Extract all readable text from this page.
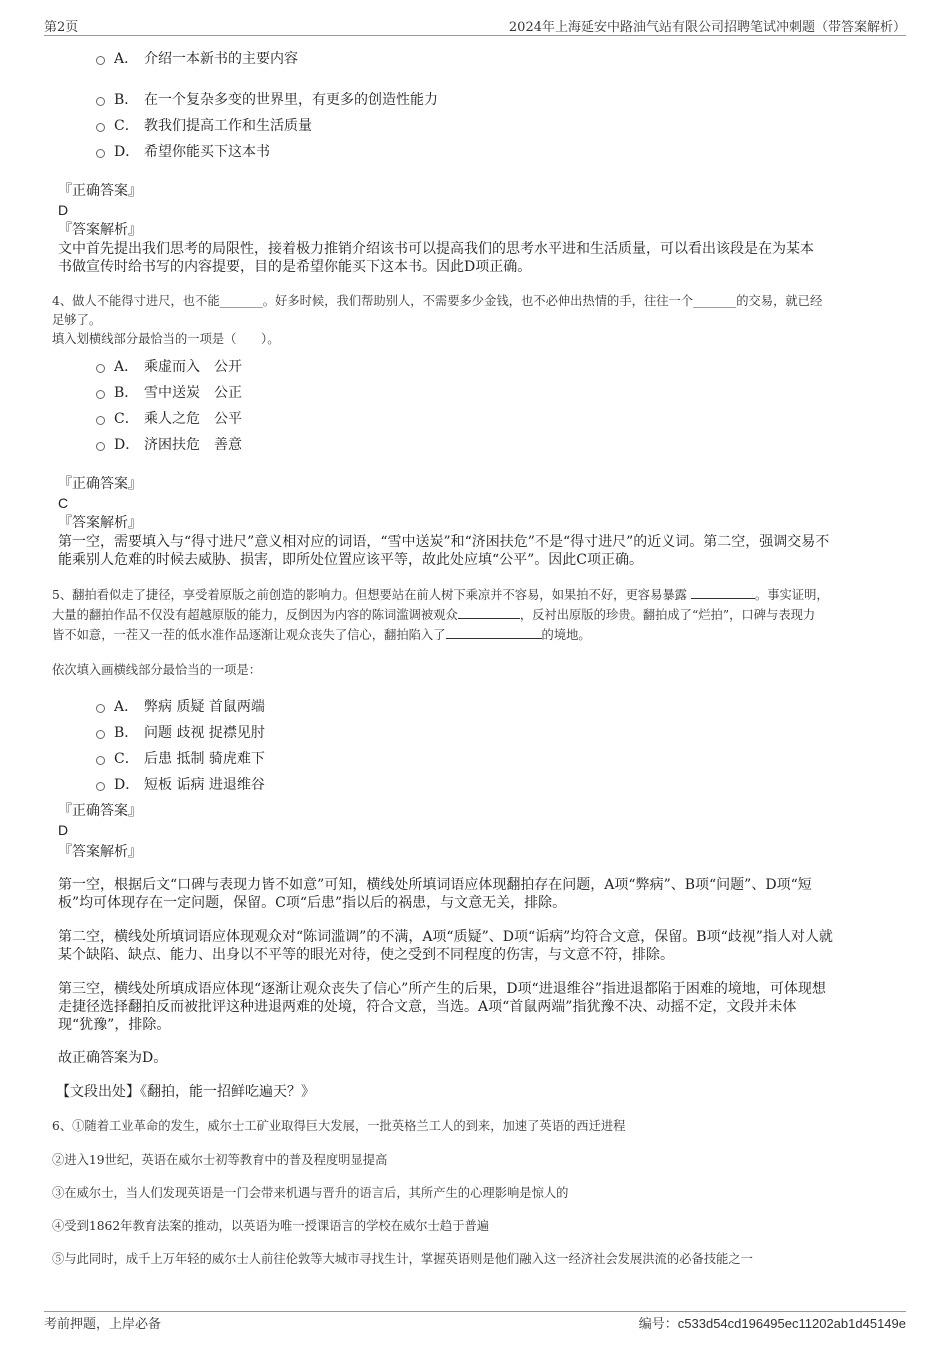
第2页	2024年上海延安中路油气站有限公司招聘笔试冲刺题（带答案解析）
A． 介绍一本新书的主要内容
B． 在一个复杂多变的世界里，有更多的创造性能力
C． 教我们提高工作和生活质量
D． 希望你能买下这本书
『正确答案』
D
『答案解析』
文中首先提出我们思考的局限性，接着极力推销介绍该书可以提高我们的思考水平进和生活质量，可以看出该段是在为某本
书做宣传时给书写的内容提要，目的是希望你能买下这本书。因此D项正确。
4、做人不能得寸进尺，也不能_______。好多时候，我们帮助别人，不需要多少金钱，也不必伸出热情的手，往往一个_______的交易，就已经
足够了。
填入划横线部分最恰当的一项是（　　）。
A． 乘虚而入　公开
B． 雪中送炭　公正
C． 乘人之危　公平
D． 济困扶危　善意
『正确答案』
C
『答案解析』
第一空，需要填入与“得寸进尺”意义相对应的词语，“雪中送炭”和“济困扶危”不是“得寸进尺”的近义词。第二空，强调交易不
能乘别人危难的时候去威胁、损害，即所处位置应该平等，故此处应填“公平”。因此C项正确。
5、翻拍看似走了捷径，享受着原版之前创造的影响力。但想要站在前人树下乘凉并不容易，如果拍不好，更容易暴露	。事实证明，
大量的翻拍作品不仅没有超越原版的能力，反倒因为内容的陈词滥调被观众	，反衬出原版的珍贵。翻拍成了“烂拍”，口碑与表现力
皆不如意，一茬又一茬的低水准作品逐渐让观众丧失了信心，翻拍陷入了	的境地。
依次填入画横线部分最恰当的一项是：
A． 弊病 质疑 首鼠两端
B． 问题 歧视 捉襟见肘
C． 后患 抵制 骑虎难下
D． 短板 诟病 进退维谷
『正确答案』
D
『答案解析』
第一空，根据后文“口碑与表现力皆不如意”可知，横线处所填词语应体现翻拍存在问题，A项“弊病”、B项“问题”、D项“短
板”均可体现存在一定问题，保留。C项“后患”指以后的祸患，与文意无关，排除。
第二空，横线处所填词语应体现观众对“陈词滥调”的不满，A项“质疑”、D项“诟病”均符合文意，保留。B项“歧视”指人对人就
某个缺陷、缺点、能力、出身以不平等的眼光对待，使之受到不同程度的伤害，与文意不符，排除。
第三空，横线处所填成语应体现“逐渐让观众丧失了信心”所产生的后果，D项“进退维谷”指进退都陷于困难的境地，可体现想
走捷径选择翻拍反而被批评这种进退两难的处境，符合文意，当选。A项“首鼠两端”指犹豫不决、动摇不定，文段并未体
现“犹豫”，排除。
故正确答案为D。
【文段出处】《翻拍，能一招鲜吃遍天？》
6、①随着工业革命的发生，威尔士工矿业取得巨大发展，一批英格兰工人的到来，加速了英语的西迁进程
②进入19世纪，英语在威尔士初等教育中的普及程度明显提高
③在威尔士，当人们发现英语是一门会带来机遇与晋升的语言后，其所产生的心理影响是惊人的
④受到1862年教育法案的推动，以英语为唯一授课语言的学校在威尔士趋于普遍
⑤与此同时，成千上万年轻的威尔士人前往伦敦等大城市寻找生计，掌握英语则是他们融入这一经济社会发展洪流的必备技能之一
考前押题，上岸必备	编号：c533d54cd196495ec11202ab1d45149e
